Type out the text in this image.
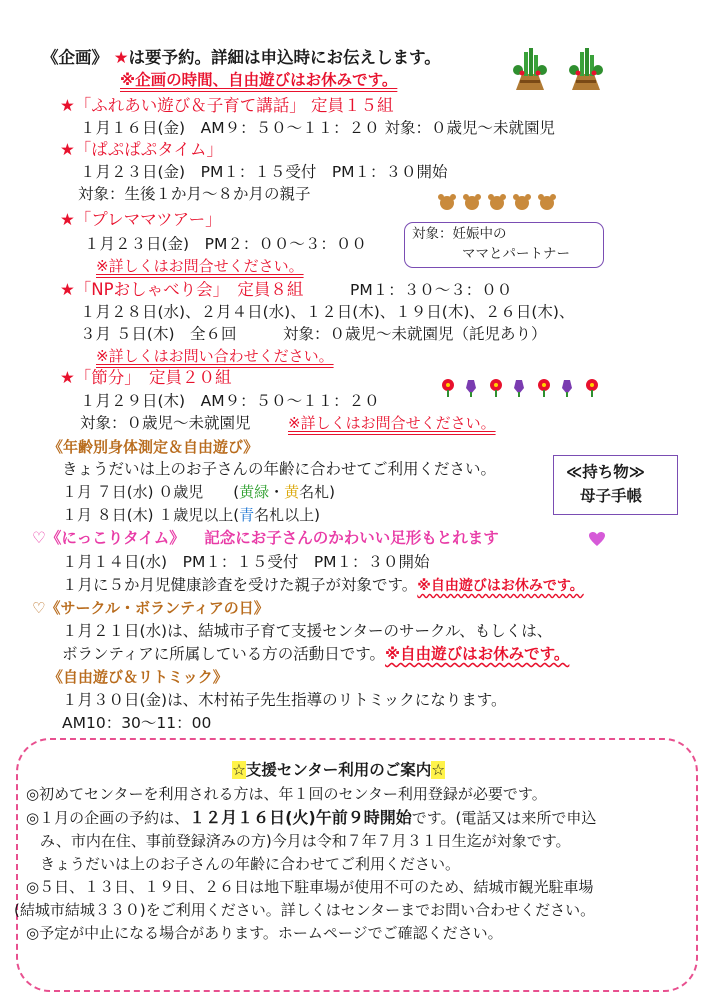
《企画》 ★は要予約。詳細は申込時にお伝えします。
※企画の時間、自由遊びはお休みです。
★「ふれあい遊び＆子育て講話」 定員１５組
１月１６日(金)　AM９：５０～１１：２０ 対象：０歳児～未就園児
★「ぱぷぱぷタイム」
１月２３日(金)　PM１：１５受付　PM１：３０開始
対象：生後１か月～８か月の親子
★「プレママツアー」
１月２３日(金)　PM２：００～３：００
※詳しくはお問合せください。
対象：妊娠中の
ママとパートナー
★「NPおしゃべり会」　定員８組	PM１：３０～３：００
１月２８日(水)、２月４日(水)、１２日(木)、１９日(木)、２６日(木)、
３月 ５日(木)　全６回　　　対象：０歳児～未就園児（託児あり）
※詳しくはお問い合わせください。
★「節分」　定員２０組
１月２９日(木)　AM９：５０～１１：２０
対象：０歳児～未就園児 ※詳しくはお問合せください。
《年齢別身体測定＆自由遊び》
きょうだいは上のお子さんの年齢に合わせてご利用ください。
１月 ７日(水) ０歳児　　(黄緑・黄名札)
１月 ８日(木) １歳児以上(青名札以上)
≪持ち物≫
母子手帳
♡《にっこりタイム》 記念にお子さんのかわいい足形もとれます
１月１４日(水)　PM１：１５受付　PM１：３０開始
１月に５か月児健康診査を受けた親子が対象です。※自由遊びはお休みです。
♡《サークル・ボランティアの日》
１月２１日(水)は、結城市子育て支援センターのサークル、もしくは、
ボランティアに所属している方の活動日です。※自由遊びはお休みです。
《自由遊び＆リトミック》
１月３０日(金)は、木村祐子先生指導のリトミックになります。
AM10：30～11：00
☆支援センター利用のご案内☆
◎初めてセンターを利用される方は、年１回のセンター利用登録が必要です。
◎１月の企画の予約は、１２月１６日(火)午前９時開始です。(電話又は来所で申込
み、市内在住、事前登録済みの方)今月は令和７年７月３１日生迄が対象です。
きょうだいは上のお子さんの年齢に合わせてご利用ください。
◎５日、１３日、１９日、２６日は地下駐車場が使用不可のため、結城市観光駐車場
(結城市結城３３０)をご利用ください。詳しくはセンターまでお問い合わせください。
◎予定が中止になる場合があります。ホームページでご確認ください。
